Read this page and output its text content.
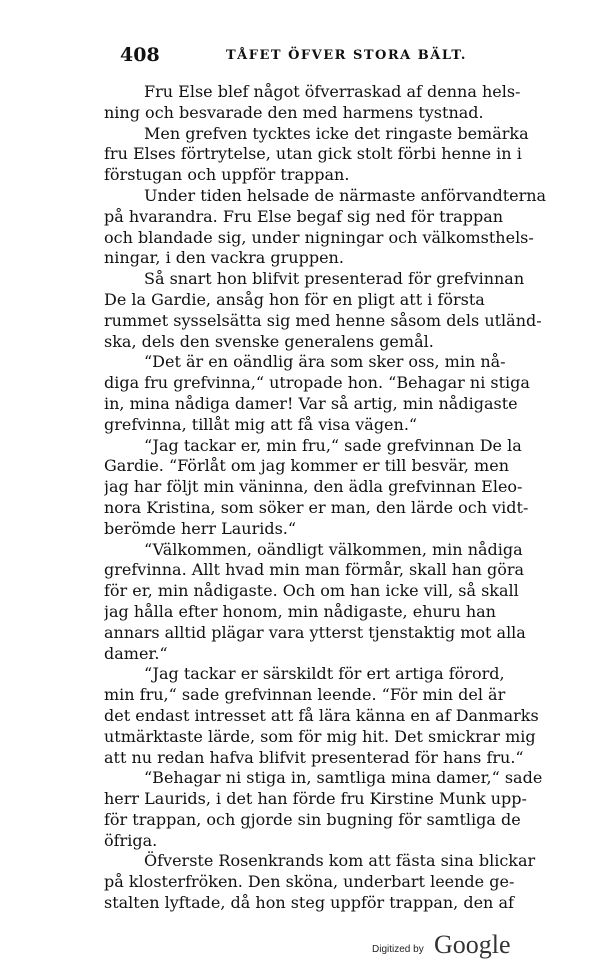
408	TÅFET ÖFVER STORA BÄLT.
Fru Else blef något öfverraskad af denna hels-
ning och besvarade den med harmens tystnad.
Men grefven tycktes icke det ringaste bemärka
fru Elses förtrytelse, utan gick stolt förbi henne in i
förstugan och uppför trappan.
Under tiden helsade de närmaste anförvandterna
på hvarandra. Fru Else begaf sig ned för trappan
och blandade sig, under nigningar och välkomsthels-
ningar, i den vackra gruppen.
Så snart hon blifvit presenterad för grefvinnan
De la Gardie, ansåg hon för en pligt att i första
rummet sysselsätta sig med henne såsom dels utländ-
ska, dels den svenske generalens gemål.
“Det är en oändlig ära som sker oss, min nå-
diga fru grefvinna,“ utropade hon. “Behagar ni stiga
in, mina nådiga damer! Var så artig, min nådigaste
grefvinna, tillåt mig att få visa vägen.“
“Jag tackar er, min fru,“ sade grefvinnan De la
Gardie. “Förlåt om jag kommer er till besvär, men
jag har följt min väninna, den ädla grefvinnan Eleo-
nora Kristina, som söker er man, den lärde och vidt-
berömde herr Laurids.“
“Välkommen, oändligt välkommen, min nådiga
grefvinna. Allt hvad min man förmår, skall han göra
för er, min nådigaste. Och om han icke vill, så skall
jag hålla efter honom, min nådigaste, ehuru han
annars alltid plägar vara ytterst tjenstaktig mot alla
damer.“
“Jag tackar er särskildt för ert artiga förord,
min fru,“ sade grefvinnan leende. “För min del är
det endast intresset att få lära känna en af Danmarks
utmärktaste lärde, som för mig hit. Det smickrar mig
att nu redan hafva blifvit presenterad för hans fru.“
“Behagar ni stiga in, samtliga mina damer,“ sade
herr Laurids, i det han förde fru Kirstine Munk upp-
för trappan, och gjorde sin bugning för samtliga de
öfriga.
Öfverste Rosenkrands kom att fästa sina blickar
på klosterfröken. Den sköna, underbart leende ge-
stalten lyftade, då hon steg uppför trappan, den af
Digitized by Google
